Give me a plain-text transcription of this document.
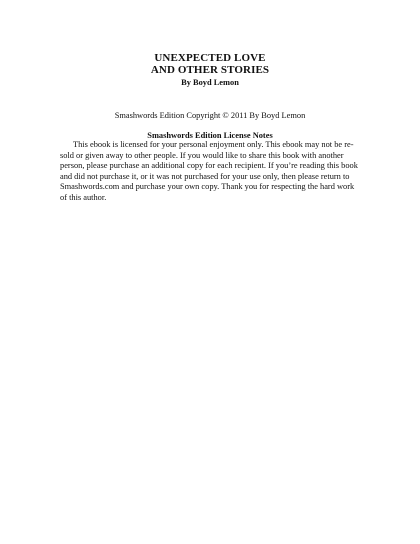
UNEXPECTED LOVE
AND OTHER STORIES
By Boyd Lemon
Smashwords Edition Copyright © 2011 By Boyd Lemon
Smashwords Edition License Notes
This ebook is licensed for your personal enjoyment only. This ebook may not be re-
sold or given away to other people. If you would like to share this book with another
person, please purchase an additional copy for each recipient. If you’re reading this book
and did not purchase it, or it was not purchased for your use only, then please return to
Smashwords.com and purchase your own copy. Thank you for respecting the hard work
of this author.
